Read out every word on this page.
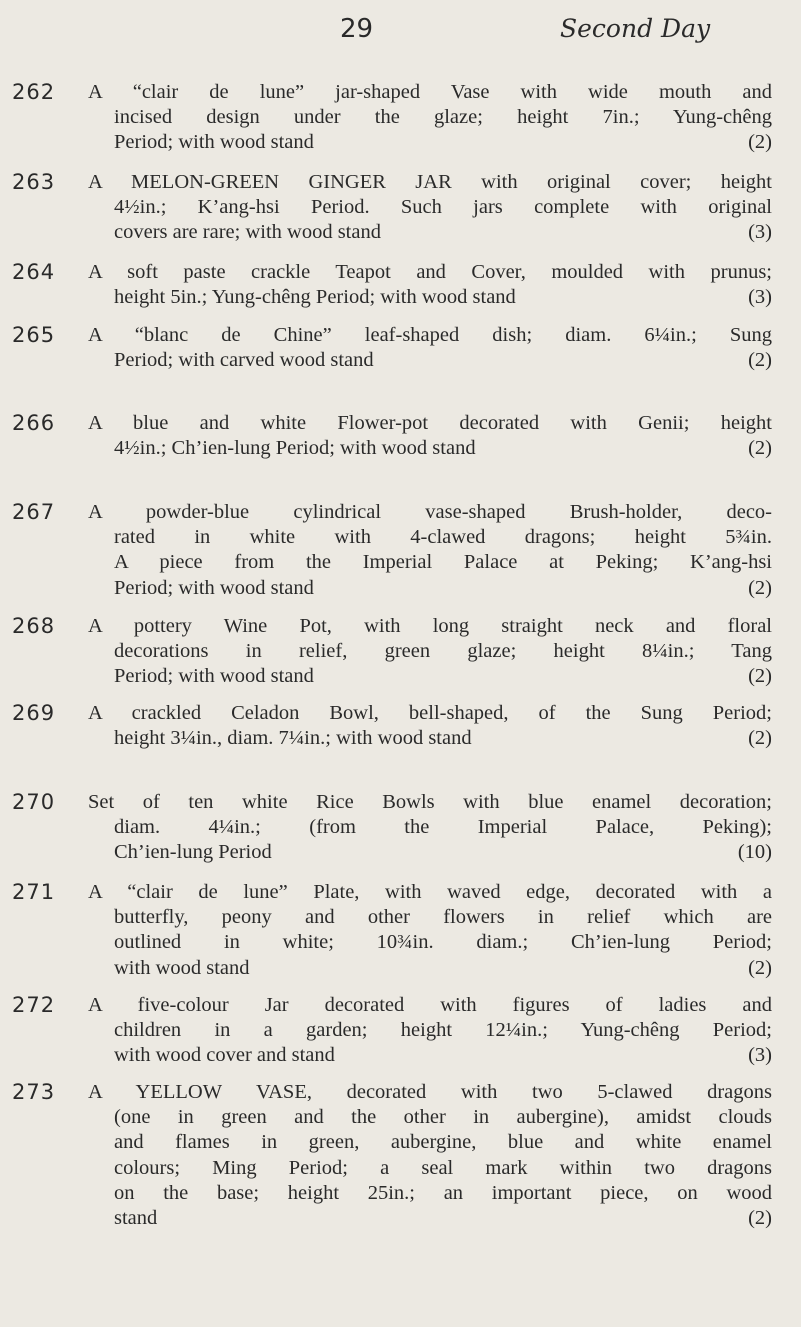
29	Second Day
262 A “clair de lune” jar-shaped Vase with wide mouth and
incised design under the glaze; height 7in.; Yung-chêng
Period; with wood stand	(2)
263 A MELON-GREEN GINGER JAR with original cover; height
4½in.; K’ang-hsi Period. Such jars complete with original
covers are rare; with wood stand	(3)
264 A soft paste crackle Teapot and Cover, moulded with prunus;
height 5in.; Yung-chêng Period; with wood stand	(3)
265 A “blanc de Chine” leaf-shaped dish; diam. 6¼in.; Sung
Period; with carved wood stand	(2)
266 A blue and white Flower-pot decorated with Genii; height
4½in.; Ch’ien-lung Period; with wood stand	(2)
267 A powder-blue cylindrical vase-shaped Brush-holder, deco-
rated in white with 4-clawed dragons; height 5¾in.
A piece from the Imperial Palace at Peking; K’ang-hsi
Period; with wood stand	(2)
268 A pottery Wine Pot, with long straight neck and floral
decorations in relief, green glaze; height 8¼in.; Tang
Period; with wood stand	(2)
269 A crackled Celadon Bowl, bell-shaped, of the Sung Period;
height 3¼in., diam. 7¼in.; with wood stand	(2)
270 Set of ten white Rice Bowls with blue enamel decoration;
diam. 4¼in.; (from the Imperial Palace, Peking);
Ch’ien-lung Period	(10)
271 A “clair de lune” Plate, with waved edge, decorated with a
butterfly, peony and other flowers in relief which are
outlined in white; 10¾in. diam.; Ch’ien-lung Period;
with wood stand	(2)
272 A five-colour Jar decorated with figures of ladies and
children in a garden; height 12¼in.; Yung-chêng Period;
with wood cover and stand	(3)
273 A YELLOW VASE, decorated with two 5-clawed dragons
(one in green and the other in aubergine), amidst clouds
and flames in green, aubergine, blue and white enamel
colours; Ming Period; a seal mark within two dragons
on the base; height 25in.; an important piece, on wood
stand	(2)
